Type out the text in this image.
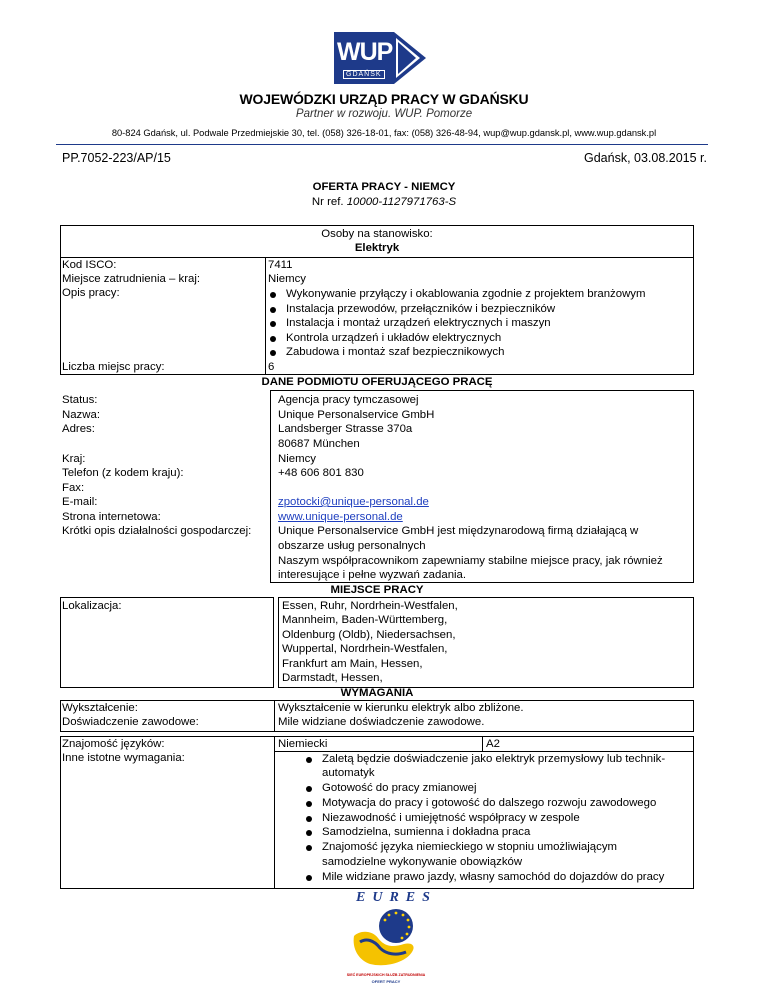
WUP
GDAŃSK
WOJEWÓDZKI URZĄD PRACY W GDAŃSKU
Partner w rozwoju. WUP. Pomorze
80-824 Gdańsk, ul. Podwale Przedmiejskie 30, tel. (058) 326-18-01, fax: (058) 326-48-94, wup@wup.gdansk.pl, www.wup.gdansk.pl
PP.7052-223/AP/15	Gdańsk, 03.08.2015 r.
OFERTA PRACY - NIEMCY
Nr ref. 10000-1127971763-S
Osoby na stanowisko:
Elektryk
Kod ISCO:	7411
Miejsce zatrudnienia – kraj:	Niemcy
Opis pracy:	Wykonywanie przyłączy i okablowania zgodnie z projektem branżowym
Instalacja przewodów, przełączników i bezpieczników
Instalacja i montaż urządzeń elektrycznych i maszyn
Kontrola urządzeń i układów elektrycznych
Zabudowa i montaż szaf bezpiecznikowych
Liczba miejsc pracy:	6
DANE PODMIOTU OFERUJĄCEGO PRACĘ
Status:	Agencja pracy tymczasowej
Nazwa:	Unique Personalservice GmbH
Adres:	Landsberger Strasse 370a
80687 München
Kraj:	Niemcy
Telefon (z kodem kraju):	+48 606 801 830
Fax:
E-mail:	zpotocki@unique-personal.de
Strona internetowa:	www.unique-personal.de
Krótki opis działalności gospodarczej: Unique Personalservice GmbH jest międzynarodową firmą działającą w
obszarze usług personalnych
Naszym współpracownikom zapewniamy stabilne miejsce pracy, jak również
interesujące i pełne wyzwań zadania.
MIEJSCE PRACY
Lokalizacja:	Essen, Ruhr, Nordrhein-Westfalen,
Mannheim, Baden-Württemberg,
Oldenburg (Oldb), Niedersachsen,
Wuppertal, Nordrhein-Westfalen,
Frankfurt am Main, Hessen,
Darmstadt, Hessen,
WYMAGANIA
Wykształcenie:	Wykształcenie w kierunku elektryk albo zbliżone.
Doświadczenie zawodowe:	Mile widziane doświadczenie zawodowe.
Znajomość języków:	Niemiecki	A2
Inne istotne wymagania:	Zaletą będzie doświadczenie jako elektryk przemysłowy lub technik-
automatyk
Gotowość do pracy zmianowej
Motywacja do pracy i gotowość do dalszego rozwoju zawodowego
Niezawodność i umiejętność współpracy w zespole
Samodzielna, sumienna i dokładna praca
Znajomość języka niemieckiego w stopniu umożliwiającym
samodzielne wykonywanie obowiązków
Mile widziane prawo jazdy, własny samochód do dojazdów do pracy
EURES
SIEĆ EUROPEJSKICH SŁUŻB ZATRUDNIENIA
OFERT PRACY
